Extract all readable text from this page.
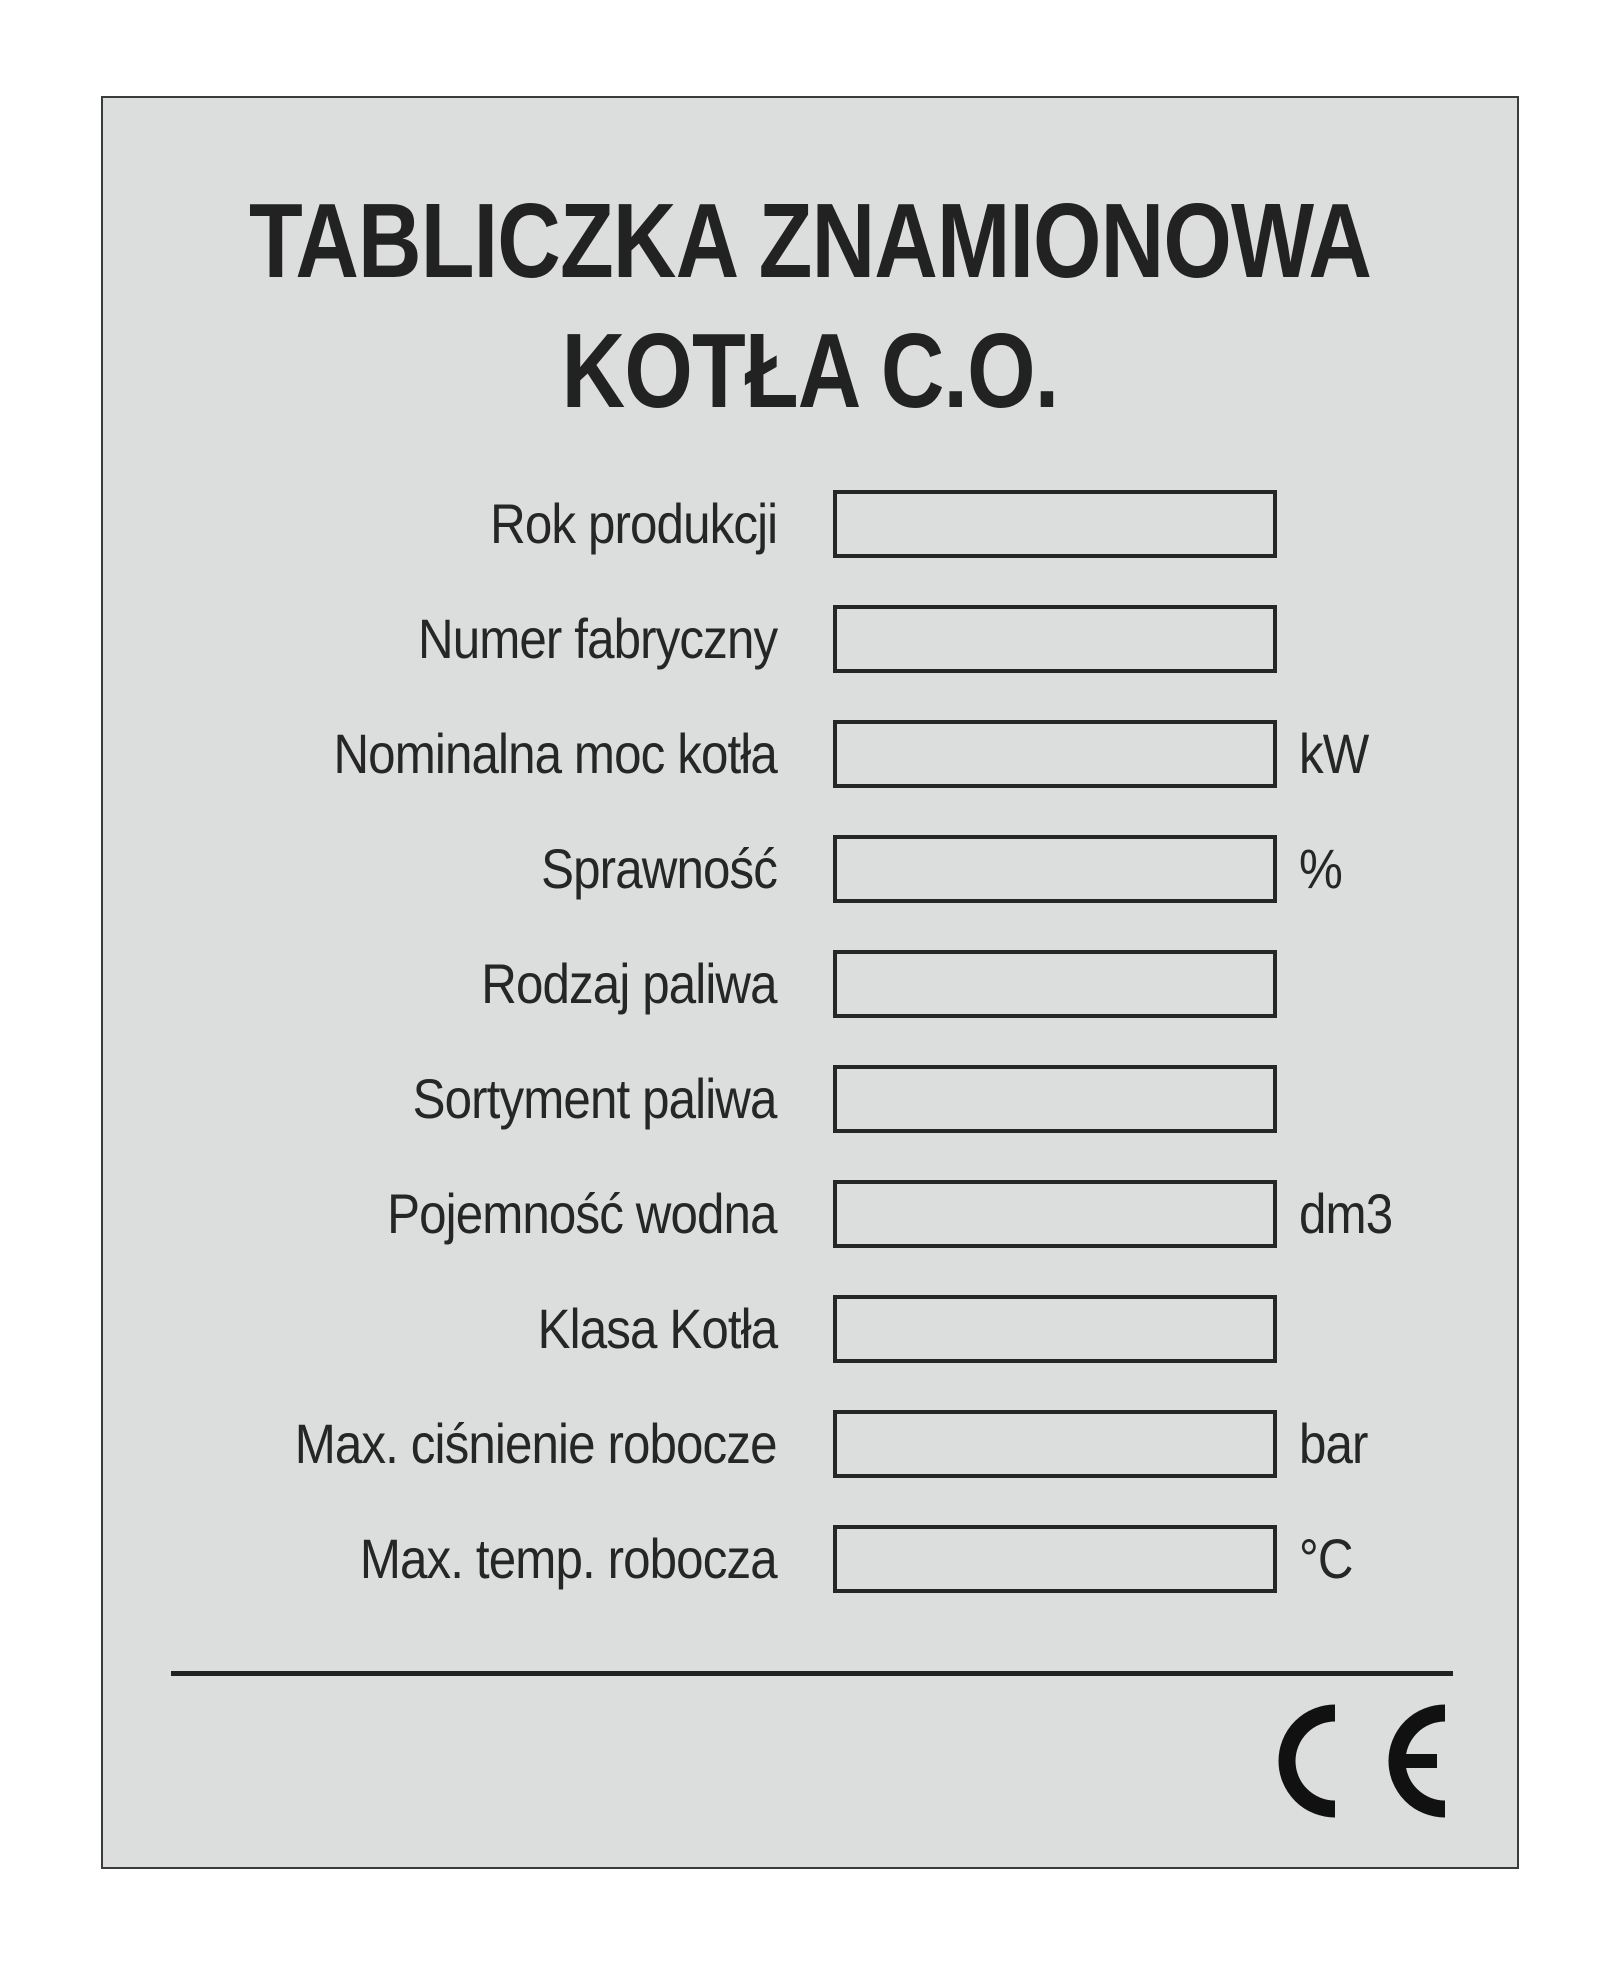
TABLICZKA ZNAMIONOWA
KOTŁA C.O.
Rok produkcji
Numer fabryczny
Nominalna moc kotła	kW
Sprawność	%
Rodzaj paliwa
Sortyment paliwa
Pojemność wodna	dm3
Klasa Kotła
Max. ciśnienie robocze	bar
Max. temp. robocza	°C
